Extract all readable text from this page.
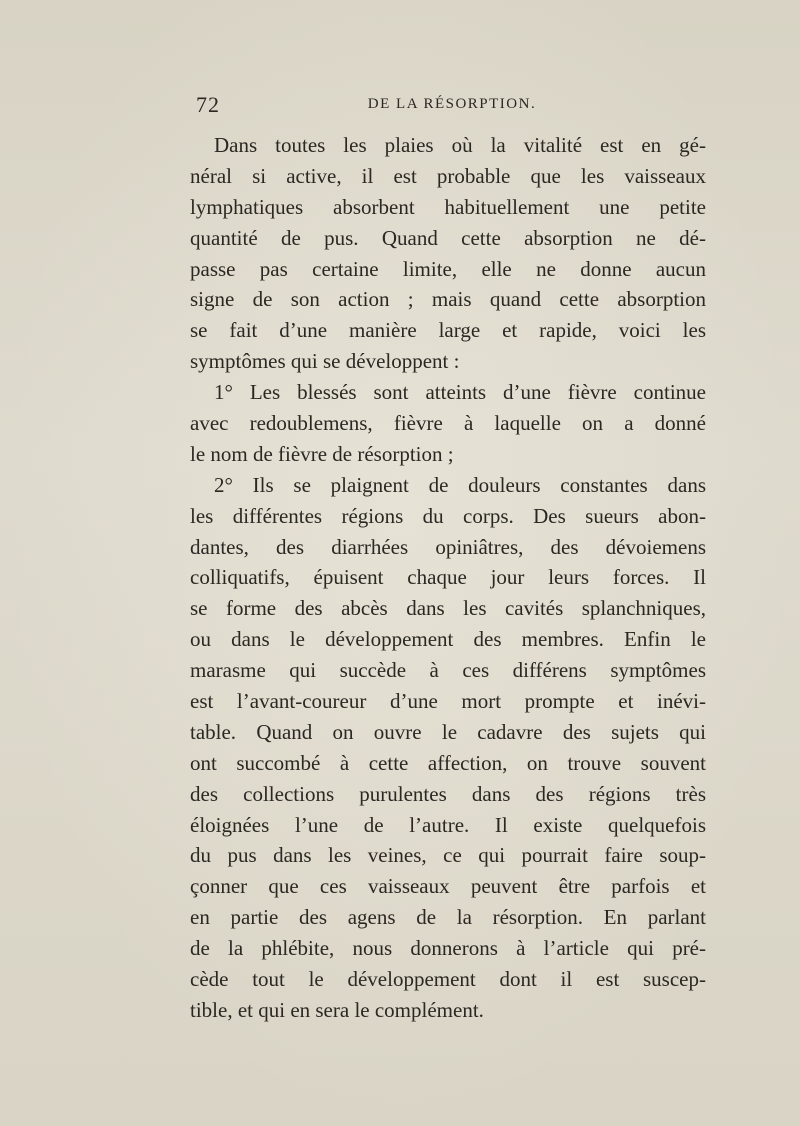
72	DE LA RÉSORPTION.
Dans toutes les plaies où la vitalité est en gé-
néral si active, il est probable que les vaisseaux
lymphatiques absorbent habituellement une petite
quantité de pus. Quand cette absorption ne dé-
passe pas certaine limite, elle ne donne aucun
signe de son action ; mais quand cette absorption
se fait d’une manière large et rapide, voici les
symptômes qui se développent :
1° Les blessés sont atteints d’une fièvre continue
avec redoublemens, fièvre à laquelle on a donné
le nom de fièvre de résorption ;
2° Ils se plaignent de douleurs constantes dans
les différentes régions du corps. Des sueurs abon-
dantes, des diarrhées opiniâtres, des dévoiemens
colliquatifs, épuisent chaque jour leurs forces. Il
se forme des abcès dans les cavités splanchniques,
ou dans le développement des membres. Enfin le
marasme qui succède à ces différens symptômes
est l’avant-coureur d’une mort prompte et inévi-
table. Quand on ouvre le cadavre des sujets qui
ont succombé à cette affection, on trouve souvent
des collections purulentes dans des régions très
éloignées l’une de l’autre. Il existe quelquefois
du pus dans les veines, ce qui pourrait faire soup-
çonner que ces vaisseaux peuvent être parfois et
en partie des agens de la résorption. En parlant
de la phlébite, nous donnerons à l’article qui pré-
cède tout le développement dont il est suscep-
tible, et qui en sera le complément.
